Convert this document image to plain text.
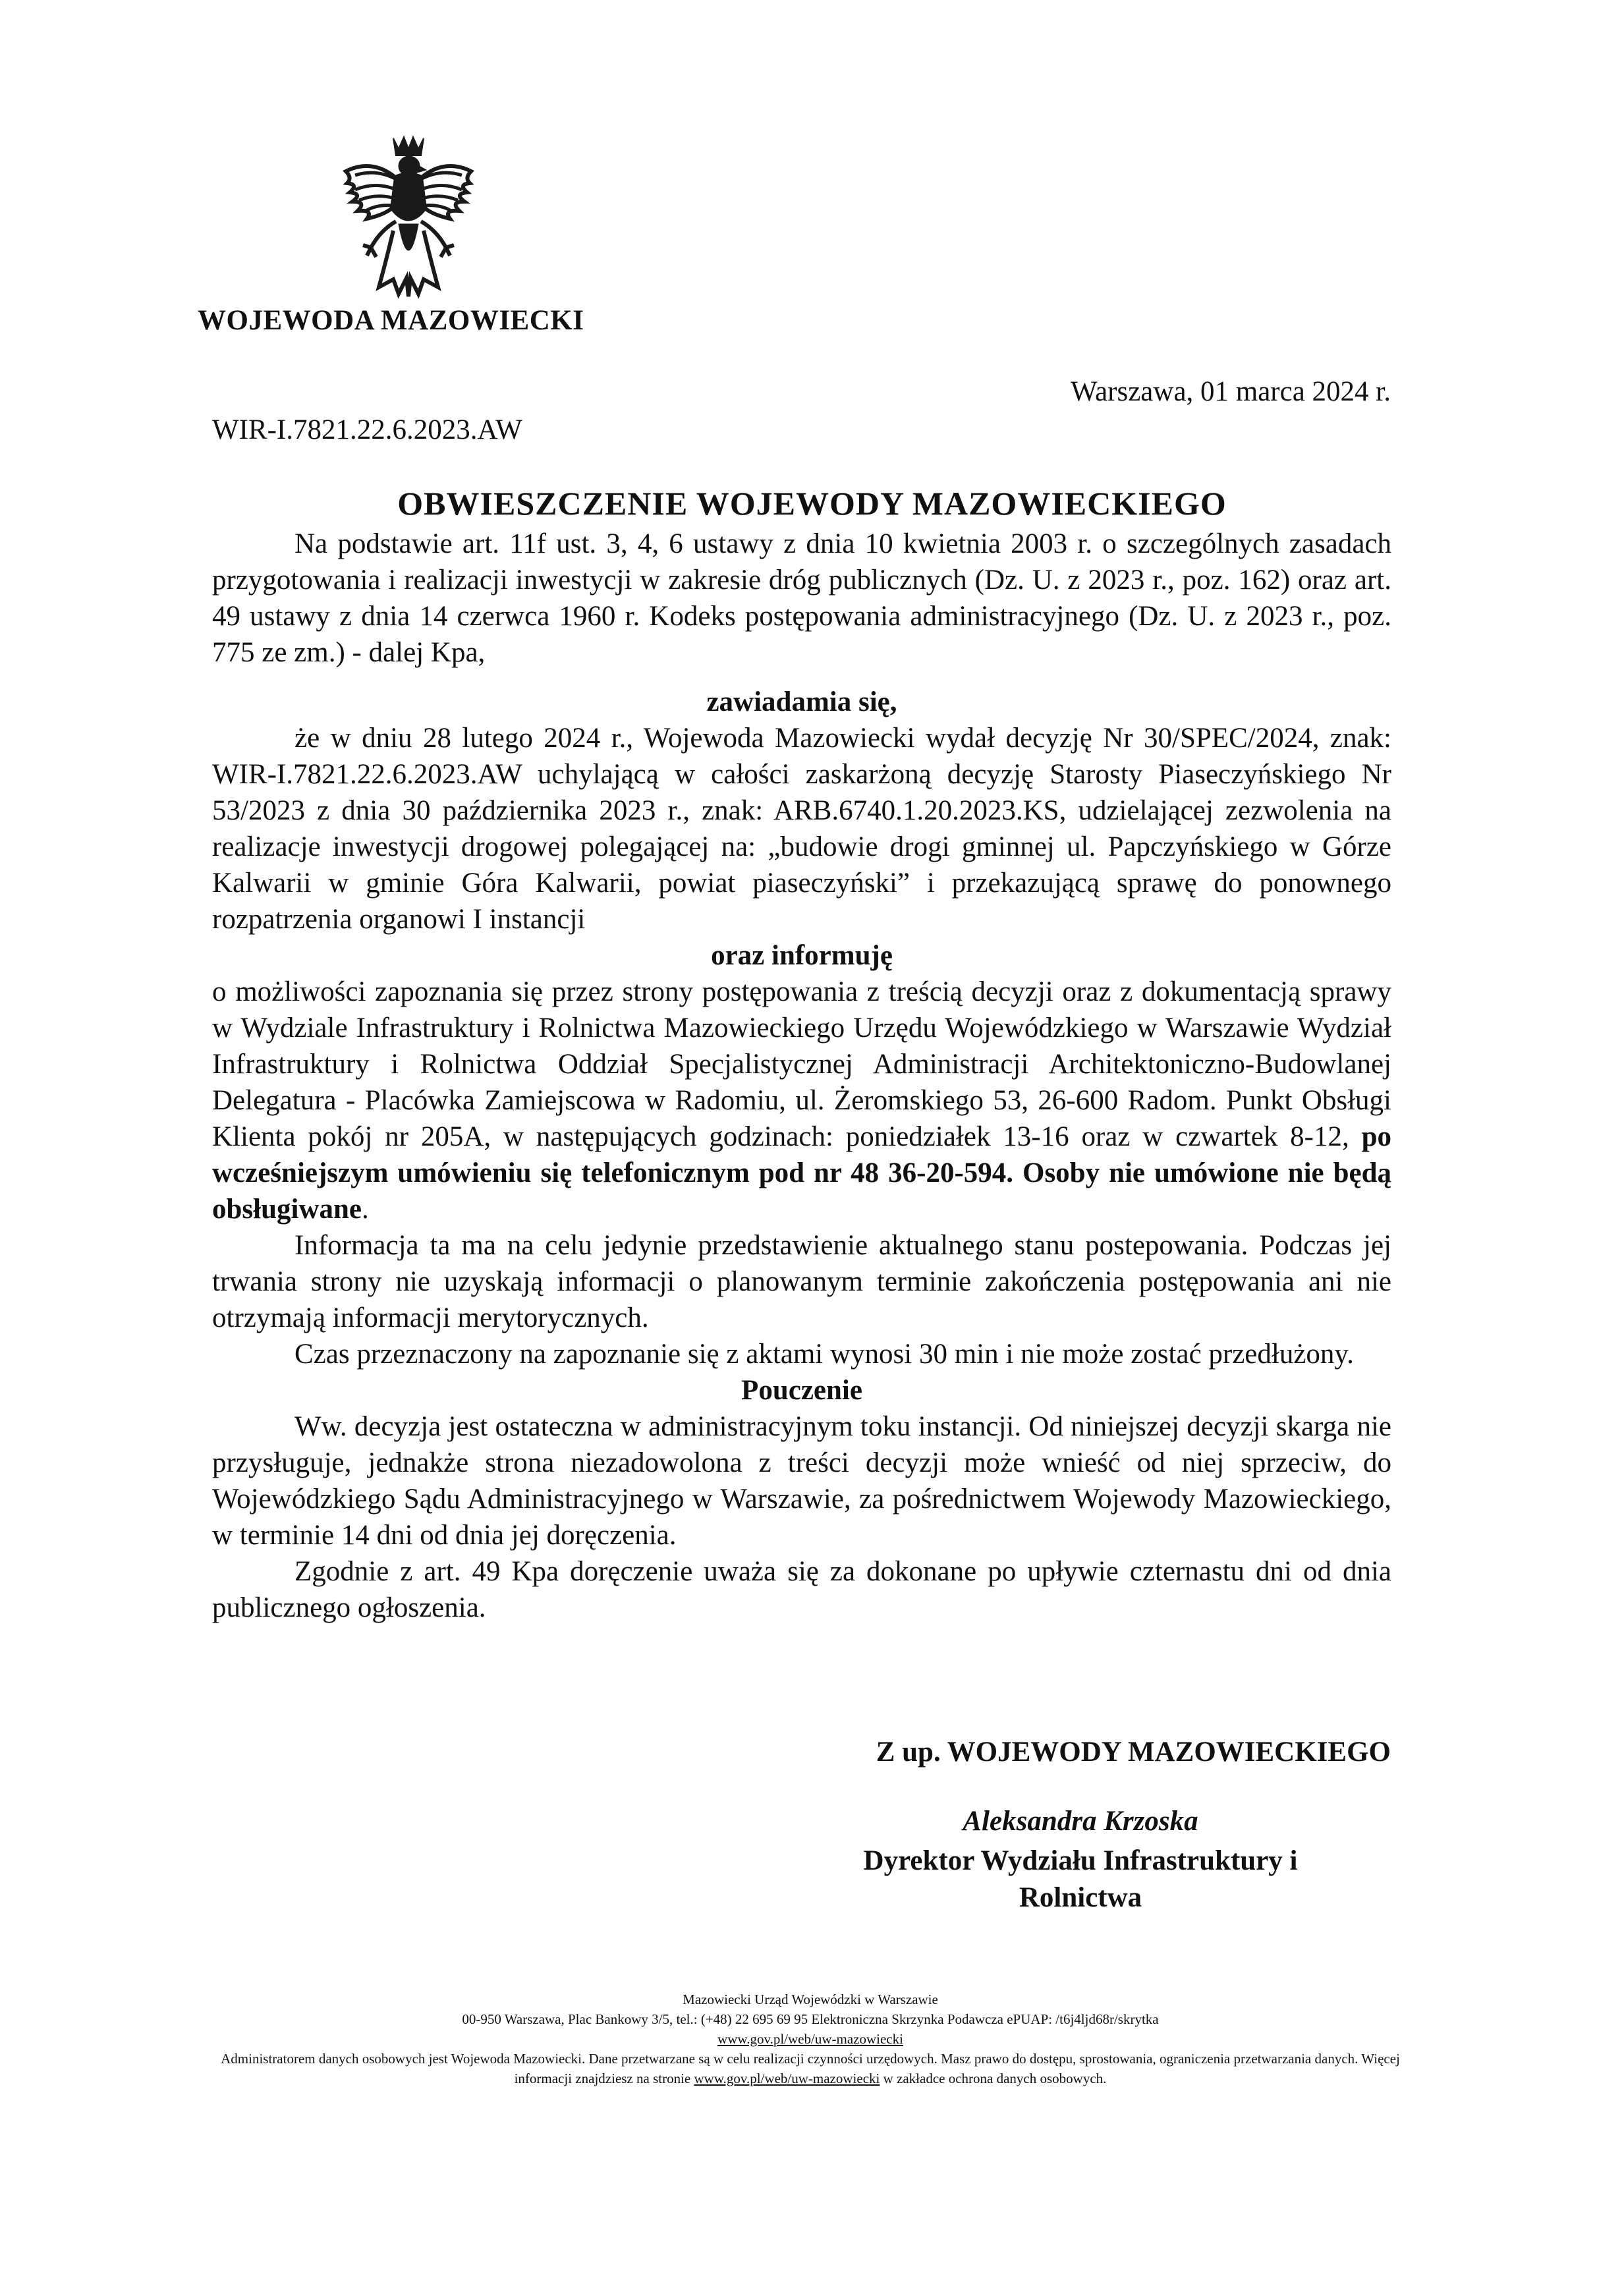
WOJEWODA MAZOWIECKI
Warszawa, 01 marca 2024 r.
WIR-I.7821.22.6.2023.AW
OBWIESZCZENIE WOJEWODY MAZOWIECKIEGO

Na podstawie art. 11f ust. 3, 4, 6 ustawy z dnia 10 kwietnia 2003 r. o szczególnych zasadach przygotowania i realizacji inwestycji w zakresie dróg publicznych (Dz. U. z 2023 r., poz. 162) oraz art. 49 ustawy z dnia 14 czerwca 1960 r. Kodeks postępowania administracyjnego (Dz. U. z 2023 r., poz. 775 ze zm.) - dalej Kpa,

zawiadamia się,

że w dniu 28 lutego 2024 r., Wojewoda Mazowiecki wydał decyzję Nr 30/SPEC/2024, znak: WIR-I.7821.22.6.2023.AW uchylającą w całości zaskarżoną decyzję Starosty Piaseczyńskiego Nr 53/2023 z dnia 30 października 2023 r., znak: ARB.6740.1.20.2023.KS, udzielającej zezwolenia na realizacje inwestycji drogowej polegającej na: „budowie drogi gminnej ul. Papczyńskiego w Górze Kalwarii w gminie Góra Kalwarii, powiat piaseczyński” i przekazującą sprawę do ponownego rozpatrzenia organowi I instancji

oraz informuję

o możliwości zapoznania się przez strony postępowania z treścią decyzji oraz z dokumentacją sprawy w Wydziale Infrastruktury i Rolnictwa Mazowieckiego Urzędu Wojewódzkiego w Warszawie Wydział Infrastruktury i Rolnictwa Oddział Specjalistycznej Administracji Architektoniczno-Budowlanej Delegatura - Placówka Zamiejscowa w Radomiu, ul. Żeromskiego 53, 26-600 Radom. Punkt Obsługi Klienta pokój nr 205A, w następujących godzinach: poniedziałek 13-16 oraz w czwartek 8-12, po wcześniejszym umówieniu się telefonicznym pod nr 48 36-20-594. Osoby nie umówione nie będą obsługiwane.

Informacja ta ma na celu jedynie przedstawienie aktualnego stanu postepowania. Podczas jej trwania strony nie uzyskają informacji o planowanym terminie zakończenia postępowania ani nie otrzymają informacji merytorycznych.

Czas przeznaczony na zapoznanie się z aktami wynosi 30 min i nie może zostać przedłużony.

Pouczenie

Ww. decyzja jest ostateczna w administracyjnym toku instancji. Od niniejszej decyzji skarga nie przysługuje, jednakże strona niezadowolona z treści decyzji może wnieść od niej sprzeciw, do Wojewódzkiego Sądu Administracyjnego w Warszawie, za pośrednictwem Wojewody Mazowieckiego, w terminie 14 dni od dnia jej doręczenia.

Zgodnie z art. 49 Kpa doręczenie uważa się za dokonane po upływie czternastu dni od dnia publicznego ogłoszenia.

Z up. WOJEWODY MAZOWIECKIEGO
Aleksandra Krzoska
Dyrektor Wydziału Infrastruktury i
Rolnictwa
Mazowiecki Urząd Wojewódzki w Warszawie
00-950 Warszawa, Plac Bankowy 3/5, tel.: (+48) 22 695 69 95 Elektroniczna Skrzynka Podawcza ePUAP: /t6j4ljd68r/skrytka
www.gov.pl/web/uw-mazowiecki
Administratorem danych osobowych jest Wojewoda Mazowiecki. Dane przetwarzane są w celu realizacji czynności urzędowych. Masz prawo do dostępu, sprostowania, ograniczenia przetwarzania danych. Więcej informacji znajdziesz na stronie www.gov.pl/web/uw-mazowiecki w zakładce ochrona danych osobowych.
